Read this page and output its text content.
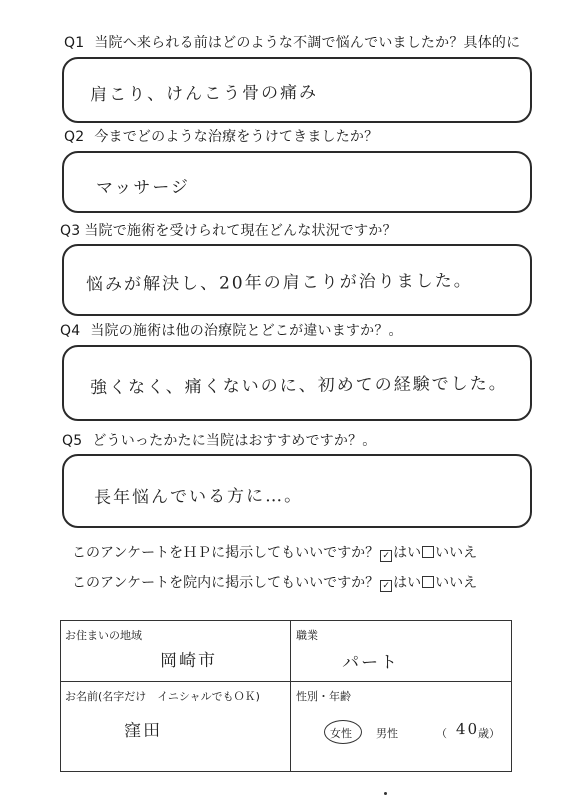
Q1 当院へ来られる前はどのような不調で悩んでいましたか？具体的に
肩こり、けんこう骨の痛み
Q2 今までどのような治療をうけてきましたか？
マッサージ
Q3 当院で施術を受けられて現在どんな状況ですか？
悩みが解決し、20年の肩こりが治りました。
Q4 当院の施術は他の治療院とどこが違いますか？。
強くなく、痛くないのに、初めての経験でした。
Q5 どういったかたに当院はおすすめですか？。
長年悩んでいる方に…。
このアンケートをＨＰに掲示してもいいですか？ ✓ はい いいえ
このアンケートを院内に掲示してもいいですか？ ✓ はい いいえ
お住まいの地域
岡崎市
職業
パート
お名前(名字だけ　イニシャルでもＯＫ)
窪田
性別・年齢
女性 男性	（ 40
歳）
